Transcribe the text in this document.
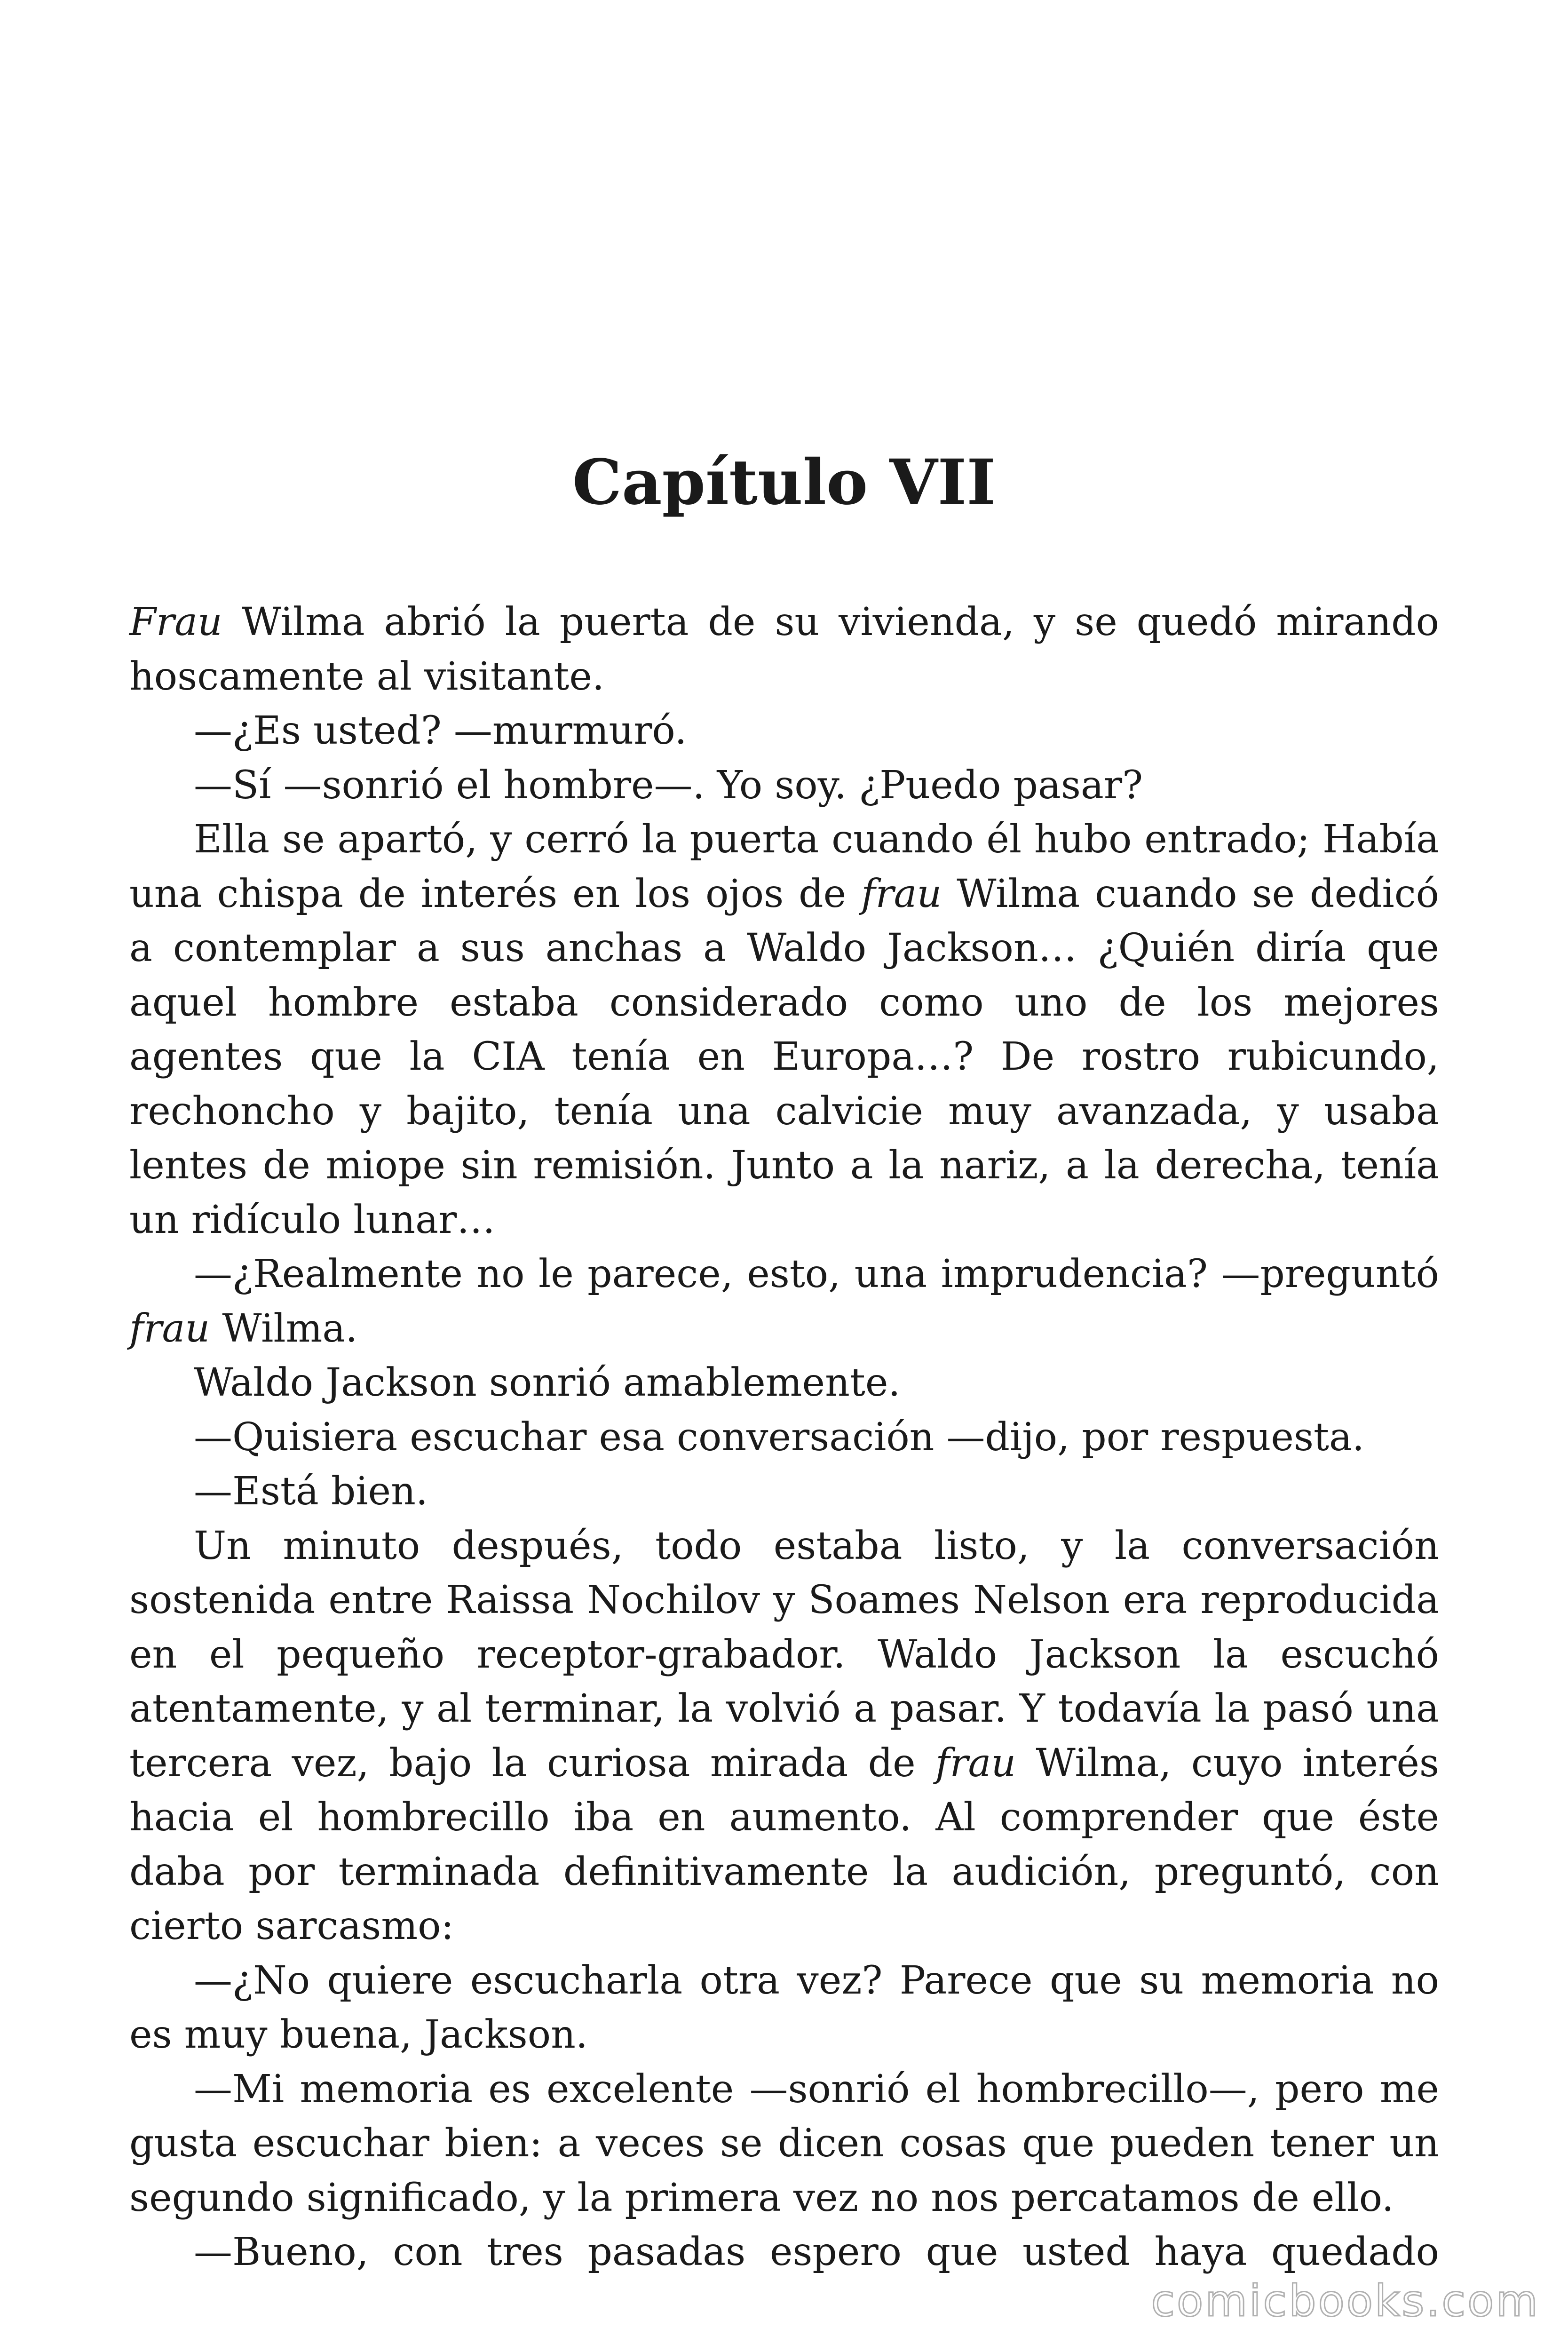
Capítulo VII

Frau Wilma abrió la puerta de su vivienda, y se quedó mirando hoscamente al visitante.

—¿Es usted? —murmuró.

—Sí —sonrió el hombre—. Yo soy. ¿Puedo pasar?

Ella se apartó, y cerró la puerta cuando él hubo entrado; Había una chispa de interés en los ojos de frau Wilma cuando se dedicó a contemplar a sus anchas a Waldo Jackson… ¿Quién diría que aquel hombre estaba considerado como uno de los mejores agentes que la CIA tenía en Europa…? De rostro rubicundo, rechoncho y bajito, tenía una calvicie muy avanzada, y usaba lentes de miope sin remisión. Junto a la nariz, a la derecha, tenía un ridículo lunar…

—¿Realmente no le parece, esto, una imprudencia? —preguntó frau Wilma.

Waldo Jackson sonrió amablemente.

—Quisiera escuchar esa conversación —dijo, por respuesta.

—Está bien.

Un minuto después, todo estaba listo, y la conversación sostenida entre Raissa Nochilov y Soames Nelson era reproducida en el pequeño receptor-grabador. Waldo Jackson la escuchó atentamente, y al terminar, la volvió a pasar. Y todavía la pasó una tercera vez, bajo la curiosa mirada de frau Wilma, cuyo interés hacia el hombrecillo iba en aumento. Al comprender que éste daba por terminada definitivamente la audición, preguntó, con cierto sarcasmo:

—¿No quiere escucharla otra vez? Parece que su memoria no es muy buena, Jackson.

—Mi memoria es excelente —sonrió el hombrecillo—, pero me gusta escuchar bien: a veces se dicen cosas que pueden tener un segundo significado, y la primera vez no nos percatamos de ello.

—Bueno, con tres pasadas espero que usted haya quedado

comicbooks.com
